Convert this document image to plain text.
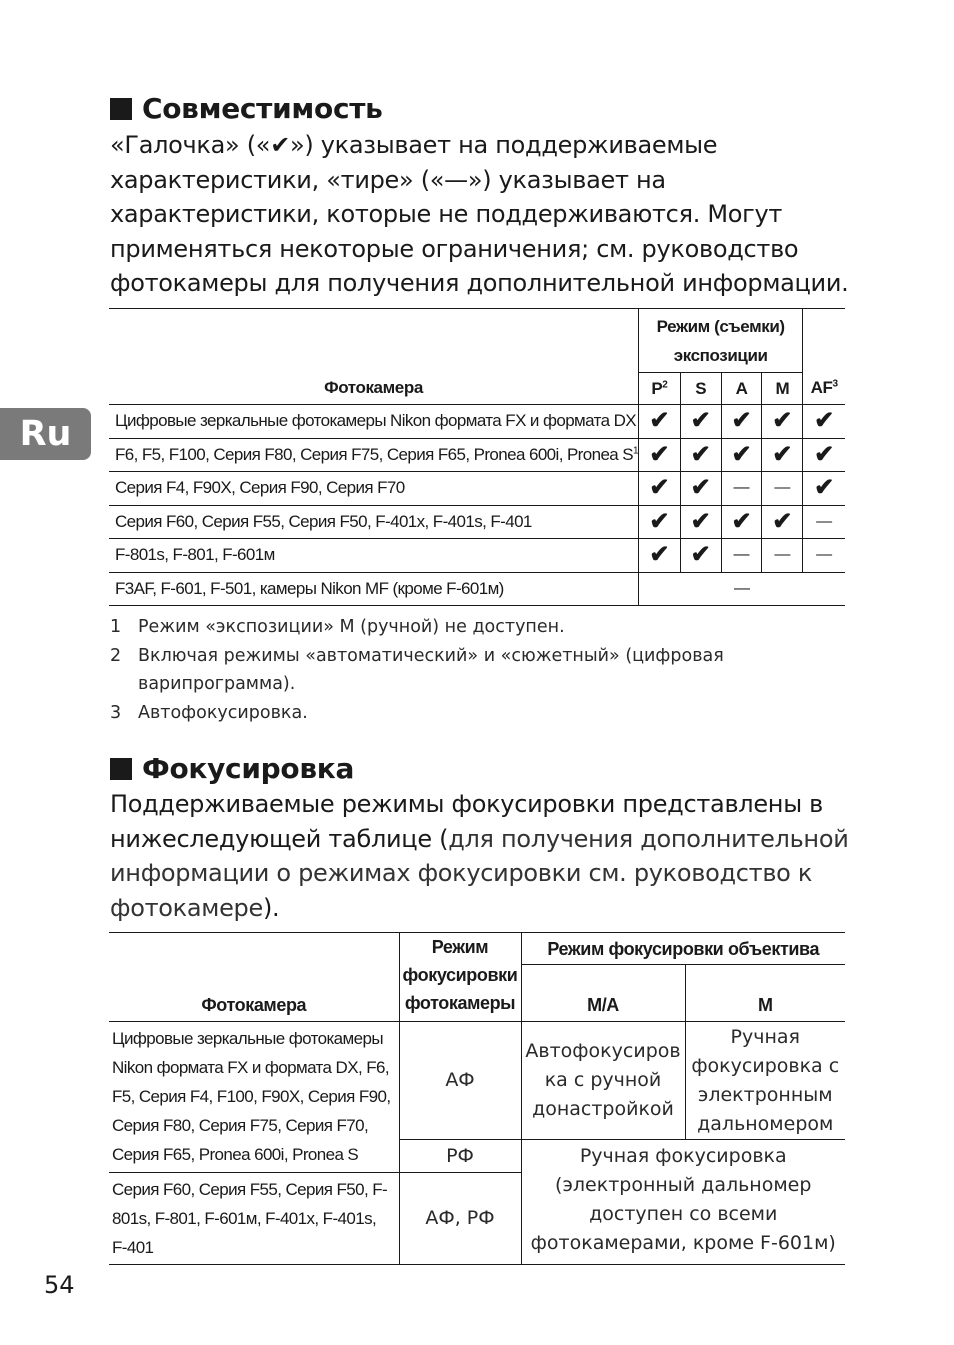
Ru
Совместимость

«Галочка» («✔») указывает на поддерживаемые характеристики, «тире» («—») указывает на характеристики, которые не поддерживаются. Могут применяться некоторые ограничения; см. руководство фотокамеры для получения дополнительной информации.

Фотокамера	Режим (съемки) экспозиции				$AF^3$
	$P^2$	S	A	M	
Цифровые зеркальные фотокамеры Nikon формата FX и формата DX	✔	✔	✔	✔	✔
F6, F5, F100, Серия F80, Серия F75, Серия F65, Pronea 600i, Pronea $S^1$	✔	✔	✔	✔	✔
Серия F4, F90X, Серия F90, Серия F70	✔	✔	—	—	✔
Серия F60, Серия F55, Серия F50, F-401x, F-401s, F-401	✔	✔	✔	✔	—
F-801s, F-801, F-601м	✔	✔	—	—	—
F3AF, F-601, F-501, камеры Nikon MF (кроме F-601м)	—				
1 Режим «экспозиции» M (ручной) не доступен.
2 Включая режимы «автоматический» и «сюжетный» (цифровая варипрограмма).
3 Автофокусировка.
Фокусировка

Поддерживаемые режимы фокусировки представлены в нижеследующей таблице (для получения дополнительной информации о режимах фокусировки см. руководство к фотокамере).

Фотокамера	Режим фокусировки фотокамеры	Режим фокусировки объектива	
		M/A	M
Цифровые зеркальные фотокамеры Nikon формата FX и формата DX, F6, F5, Серия F4, F100, F90X, Серия F90, Серия F80, Серия F75, Серия F70, Серия F65, Pronea 600i, Pronea S	АФ	Автофокусиров ка с ручной донастройкой	Ручная фокусировка с электронным дальномером
	РФ	Ручная фокусировка (электронный дальномер доступен со всеми фотокамерами, кроме F-601м)	
Серия F60, Серия F55, Серия F50, F-801s, F-801, F-601м, F-401x, F-401s, F-401	АФ, РФ		
54
